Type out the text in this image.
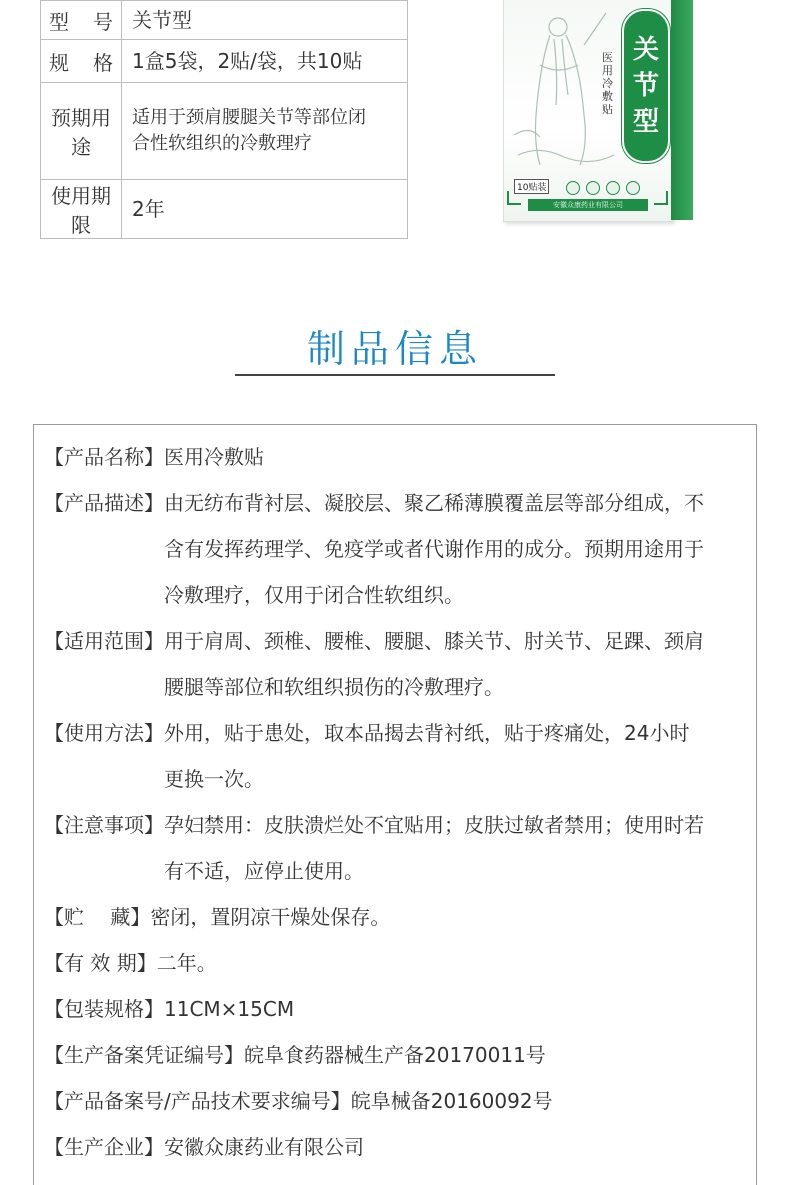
型 号	关节型

规 格	1盒5袋，2贴/袋，共10贴
预期用途	适用于颈肩腰腿关节等部位闭
合性软组织的冷敷理疗

使用期限	2年
医用冷敷贴
关
节
型
10贴装
安徽众康药业有限公司
制品信息
【产品名称】 医用冷敷贴
【产品描述】 由无纺布背衬层、凝胶层、聚乙稀薄膜覆盖层等部分组成，不
含有发挥药理学、免疫学或者代谢作用的成分。预期用途用于
冷敷理疗，仅用于闭合性软组织。
【适用范围】 用于肩周、颈椎、腰椎、腰腿、膝关节、肘关节、足踝、颈肩
腰腿等部位和软组织损伤的冷敷理疗。
【使用方法】 外用，贴于患处，取本品揭去背衬纸，贴于疼痛处，24小时
更换一次。
【注意事项】 孕妇禁用：皮肤溃烂处不宜贴用；皮肤过敏者禁用；使用时若
有不适，应停止使用。
【贮　 藏】 密闭，置阴凉干燥处保存。
【有 效 期】 二年。
【包装规格】 11CM×15CM
【生产备案凭证编号】 皖阜食药器械生产备20170011号
【产品备案号/产品技术要求编号】 皖阜械备20160092号
【生产企业】 安徽众康药业有限公司
